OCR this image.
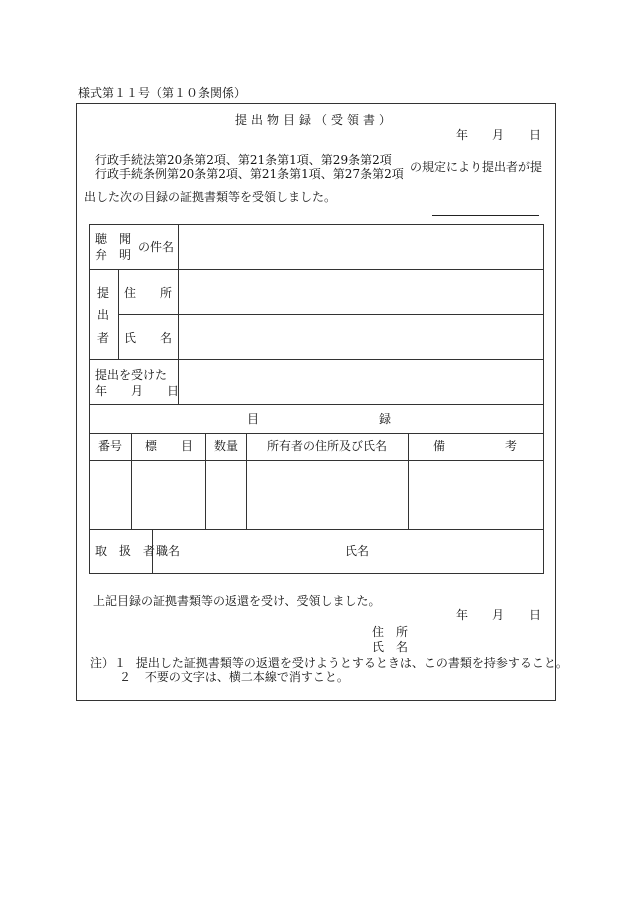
様式第１１号（第１０条関係）
提出物目録（受領書）
年 月 日
行政手続法第20条第2項、第21条第1項、第29条第2項
行政手続条例第20条第2項、第21条第1項、第27条第2項 の規定により提出者が提
出した次の目録の証拠書類等を受領しました。
聴　聞
弁　明
の件名
提
出
者
住　　所
氏　　名
提出を受けた
年　　月　　日
目　　　　　　　　　　録
番号 標　　目 数量 所有者の住所及び氏名	備　　　　　考
取　扱　者 職名	氏名
上記目録の証拠書類等の返還を受け、受領しました。
年 月 日
住　所
氏　名
注）１ 提出した証拠書類等の返還を受けようとするときは、この書類を持参すること。
２ 不要の文字は、横二本線で消すこと。
